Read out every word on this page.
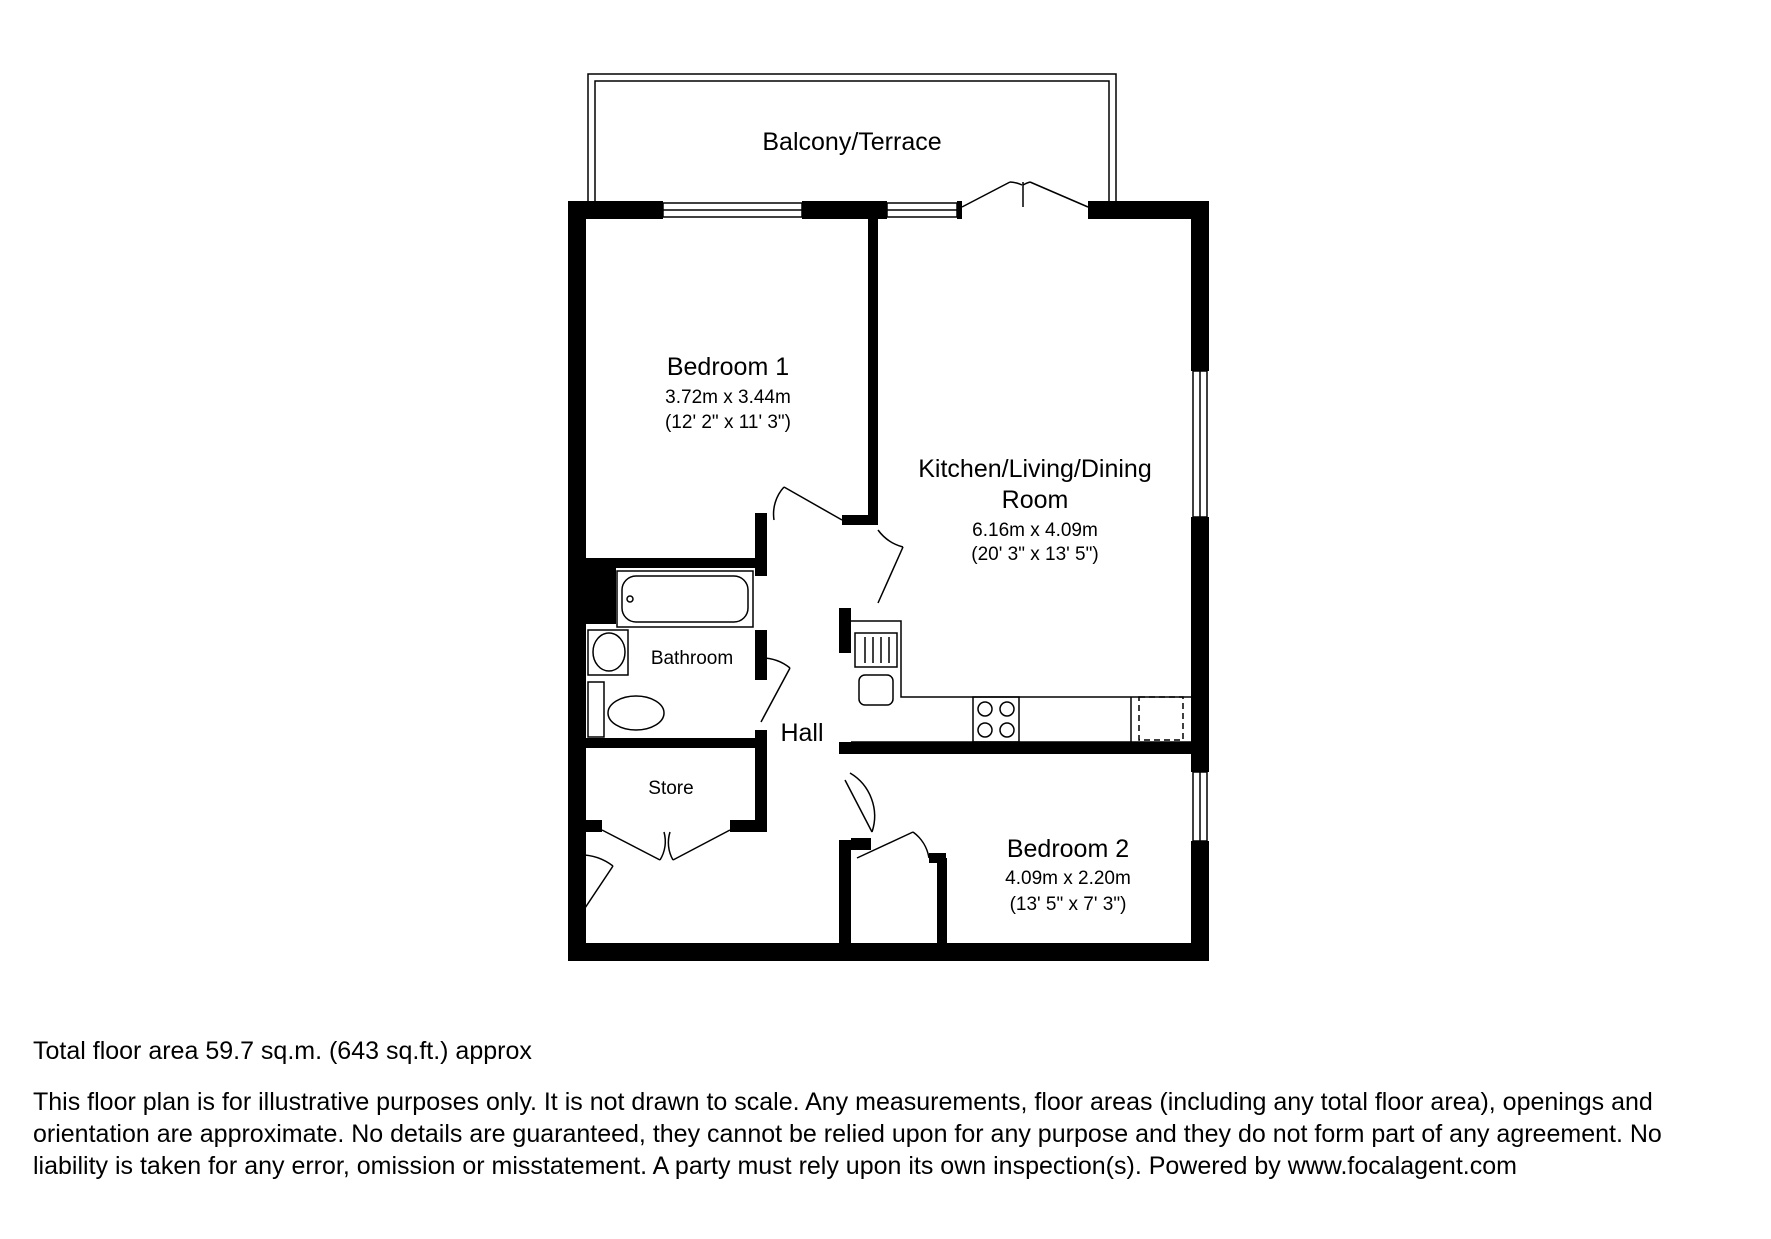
Balcony/Terrace
Bedroom 1
3.72m x 3.44m
(12' 2" x 11' 3")
Kitchen/Living/Dining
Room
6.16m x 4.09m
(20' 3" x 13' 5")
Bathroom
Hall
Store
Bedroom 2
4.09m x 2.20m
(13' 5" x 7' 3")
Total floor area 59.7 sq.m. (643 sq.ft.) approx
This floor plan is for illustrative purposes only. It is not drawn to scale. Any measurements, floor areas (including any total floor area), openings and orientation are approximate. No details are guaranteed, they cannot be relied upon for any purpose and they do not form part of any agreement. No liability is taken for any error, omission or misstatement. A party must rely upon its own inspection(s). Powered by www.focalagent.com
